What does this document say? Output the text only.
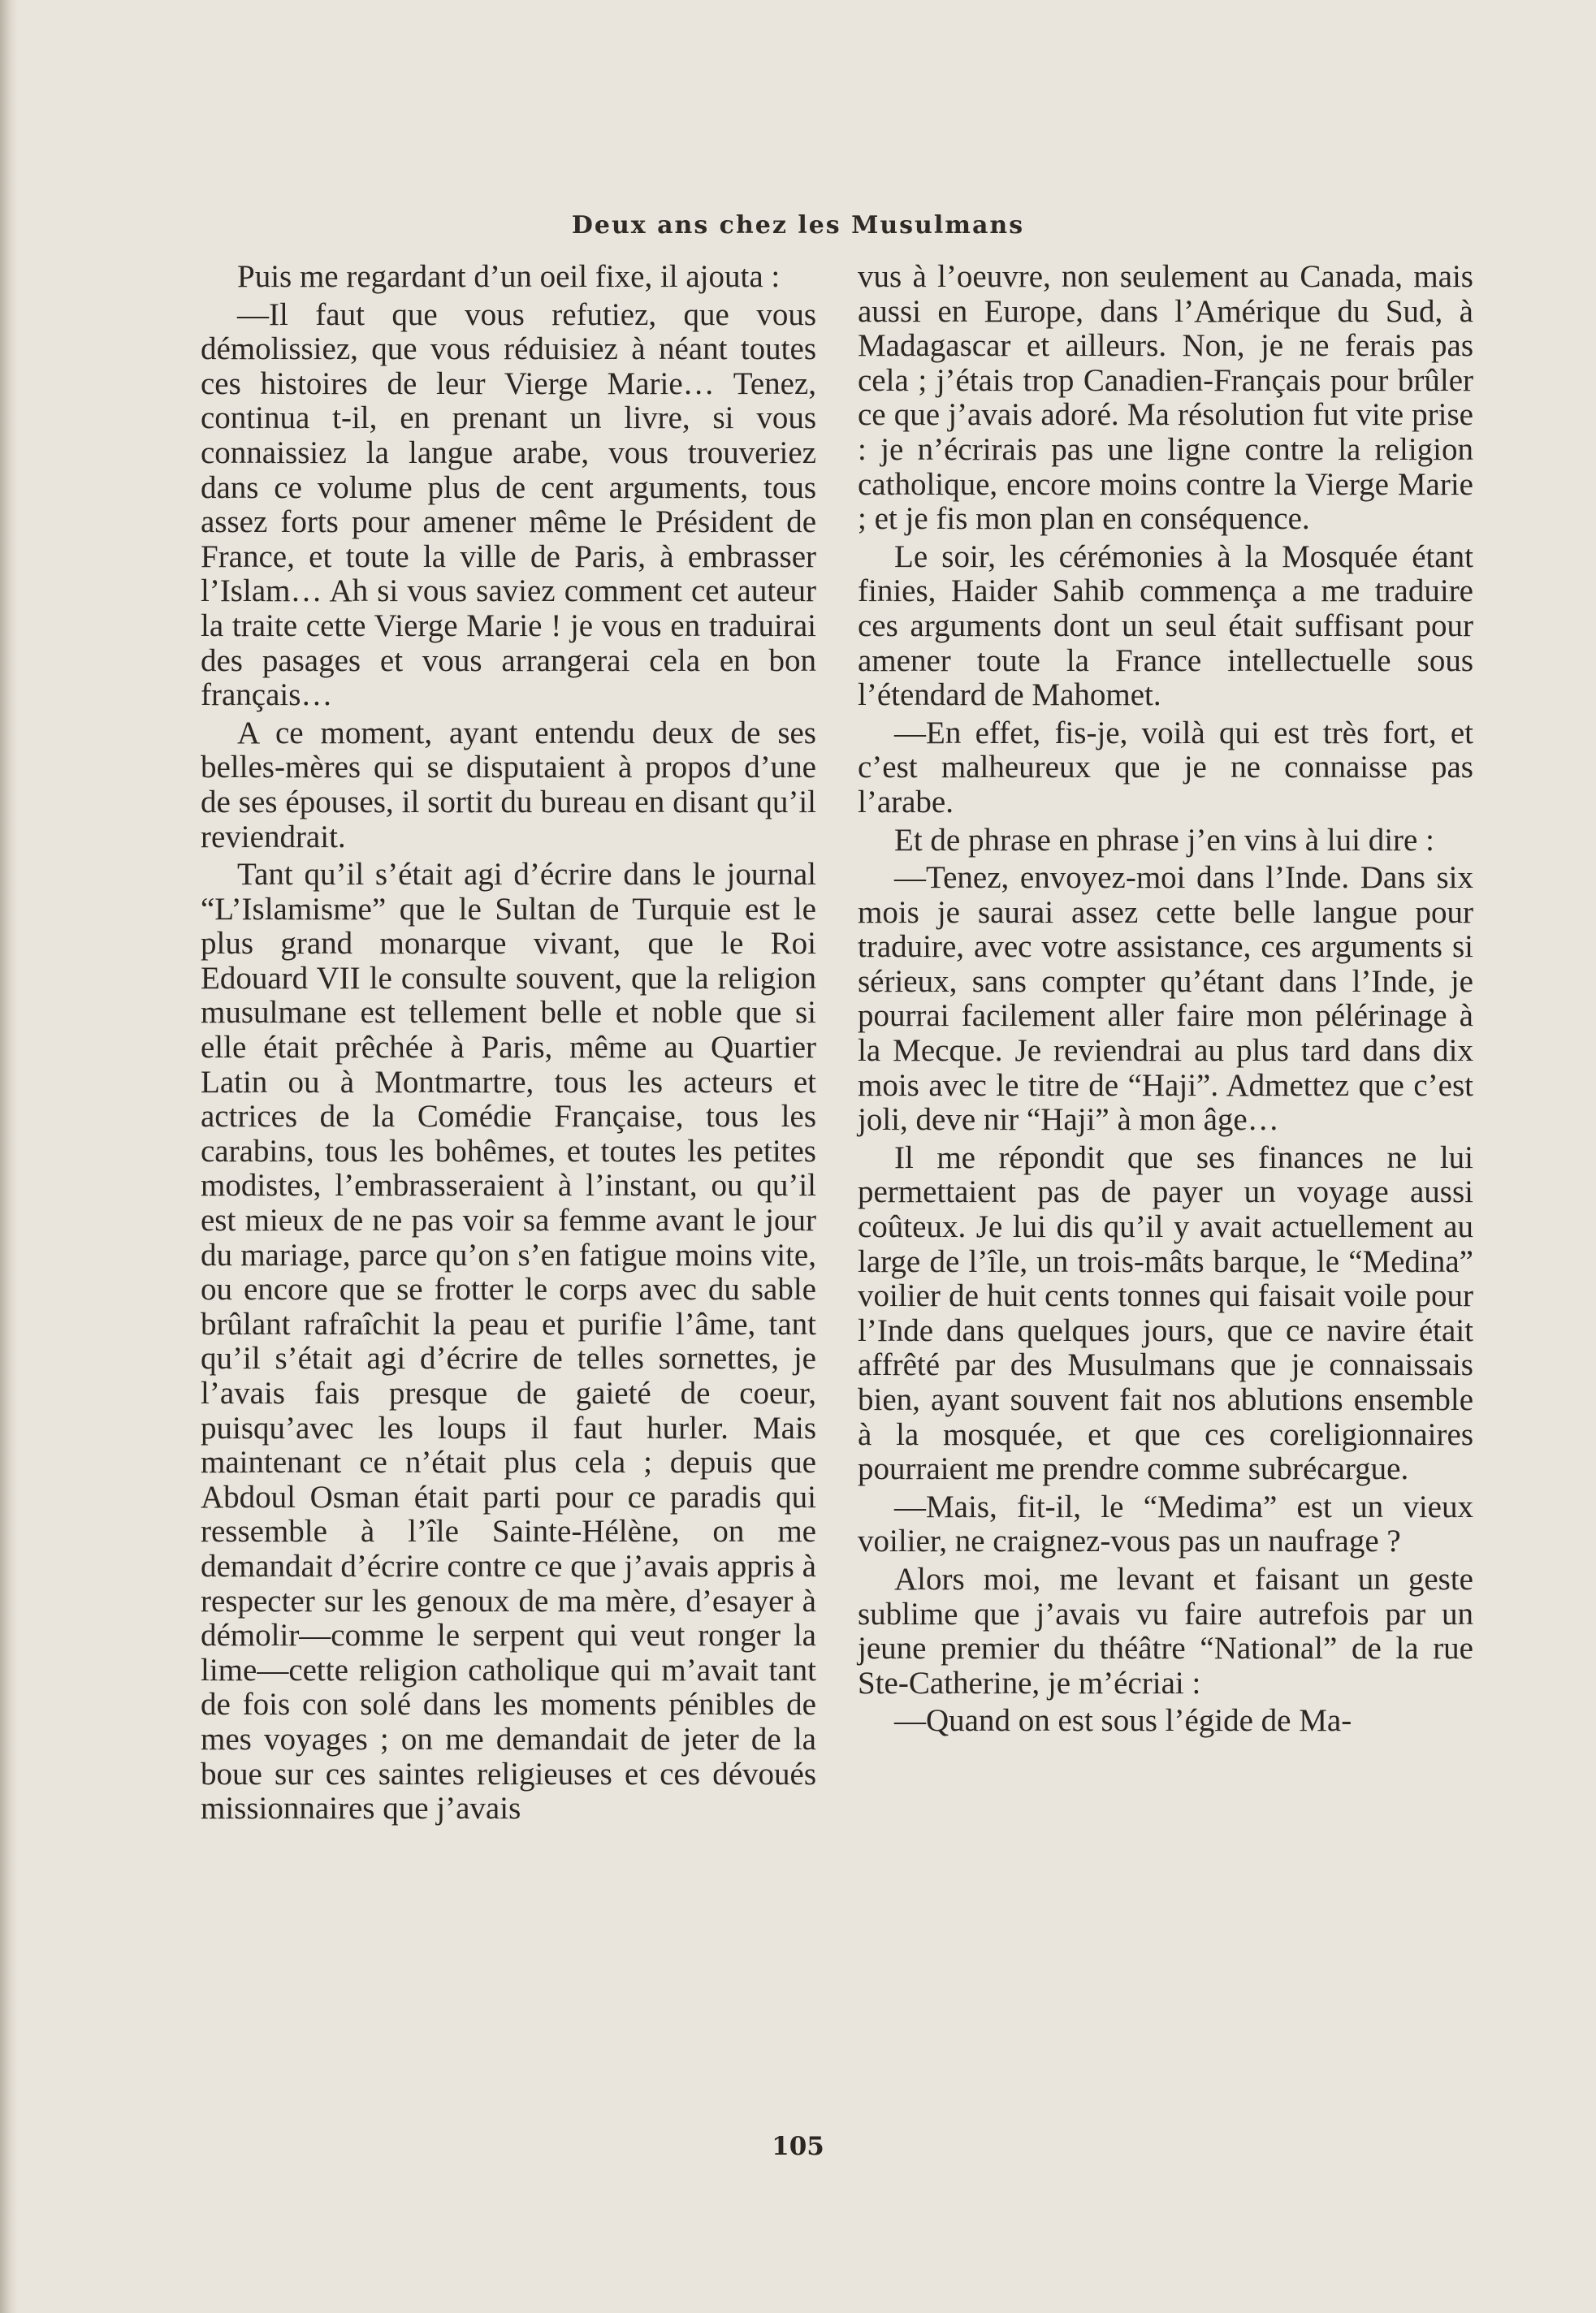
Deux ans chez les Musulmans

Puis me regardant d’un oeil fixe, il ajouta :

—Il faut que vous refutiez, que vous démolissiez, que vous réduisiez à néant toutes ces histoires de leur Vierge Marie… Tenez, continua t-il, en prenant un livre, si vous connaissiez la langue arabe, vous trouveriez dans ce volume plus de cent arguments, tous assez forts pour amener même le Président de France, et toute la ville de Paris, à embrasser l’Islam… Ah si vous saviez comment cet auteur la traite cette Vierge Marie ! je vous en traduirai des pasages et vous arrangerai cela en bon français…

A ce moment, ayant entendu deux de ses belles-mères qui se disputaient à propos d’une de ses épouses, il sortit du bureau en disant qu’il reviendrait.

Tant qu’il s’était agi d’écrire dans le journal “L’Islamisme” que le Sultan de Turquie est le plus grand monarque vivant, que le Roi Edouard VII le consulte souvent, que la religion musulmane est tellement belle et noble que si elle était prêchée à Paris, même au Quartier Latin ou à Montmartre, tous les acteurs et actrices de la Comédie Française, tous les carabins, tous les bohêmes, et toutes les petites modistes, l’embrasseraient à l’instant, ou qu’il est mieux de ne pas voir sa femme avant le jour du mariage, parce qu’on s’en fatigue moins vite, ou encore que se frotter le corps avec du sable brûlant rafraîchit la peau et purifie l’âme, tant qu’il s’était agi d’écrire de telles sornettes, je l’avais fais presque de gaieté de coeur, puisqu’avec les loups il faut hurler. Mais maintenant ce n’était plus cela ; depuis que Abdoul Osman était parti pour ce paradis qui ressemble à l’île Sainte-Hélène, on me demandait d’écrire contre ce que j’avais appris à respecter sur les genoux de ma mère, d’esayer à démolir—comme le serpent qui veut ronger la lime—cette religion catholique qui m’avait tant de fois con solé dans les moments pénibles de mes voyages ; on me demandait de jeter de la boue sur ces saintes religieuses et ces dévoués missionnaires que j’avais

vus à l’oeuvre, non seulement au Canada, mais aussi en Europe, dans l’Amérique du Sud, à Madagascar et ailleurs. Non, je ne ferais pas cela ; j’étais trop Canadien-Français pour brûler ce que j’avais adoré. Ma résolution fut vite prise : je n’écrirais pas une ligne contre la religion catholique, encore moins contre la Vierge Marie ; et je fis mon plan en conséquence.

Le soir, les cérémonies à la Mosquée étant finies, Haider Sahib commença a me traduire ces arguments dont un seul était suffisant pour amener toute la France intellectuelle sous l’étendard de Mahomet.

—En effet, fis-je, voilà qui est très fort, et c’est malheureux que je ne connaisse pas l’arabe.

Et de phrase en phrase j’en vins à lui dire :

—Tenez, envoyez-moi dans l’Inde. Dans six mois je saurai assez cette belle langue pour traduire, avec votre assistance, ces arguments si sérieux, sans compter qu’étant dans l’Inde, je pourrai facilement aller faire mon pélérinage à la Mecque. Je reviendrai au plus tard dans dix mois avec le titre de “Haji”. Admettez que c’est joli, deve nir “Haji” à mon âge…

Il me répondit que ses finances ne lui permettaient pas de payer un voyage aussi coûteux. Je lui dis qu’il y avait actuellement au large de l’île, un trois-mâts barque, le “Medina” voilier de huit cents tonnes qui faisait voile pour l’Inde dans quelques jours, que ce navire était affrêté par des Musulmans que je connaissais bien, ayant souvent fait nos ablutions ensemble à la mosquée, et que ces coreligionnaires pourraient me prendre comme subrécargue.

—Mais, fit-il, le “Medima” est un vieux voilier, ne craignez-vous pas un naufrage ?

Alors moi, me levant et faisant un geste sublime que j’avais vu faire autrefois par un jeune premier du théâtre “National” de la rue Ste-Catherine, je m’écriai :

—Quand on est sous l’égide de Ma-

105
